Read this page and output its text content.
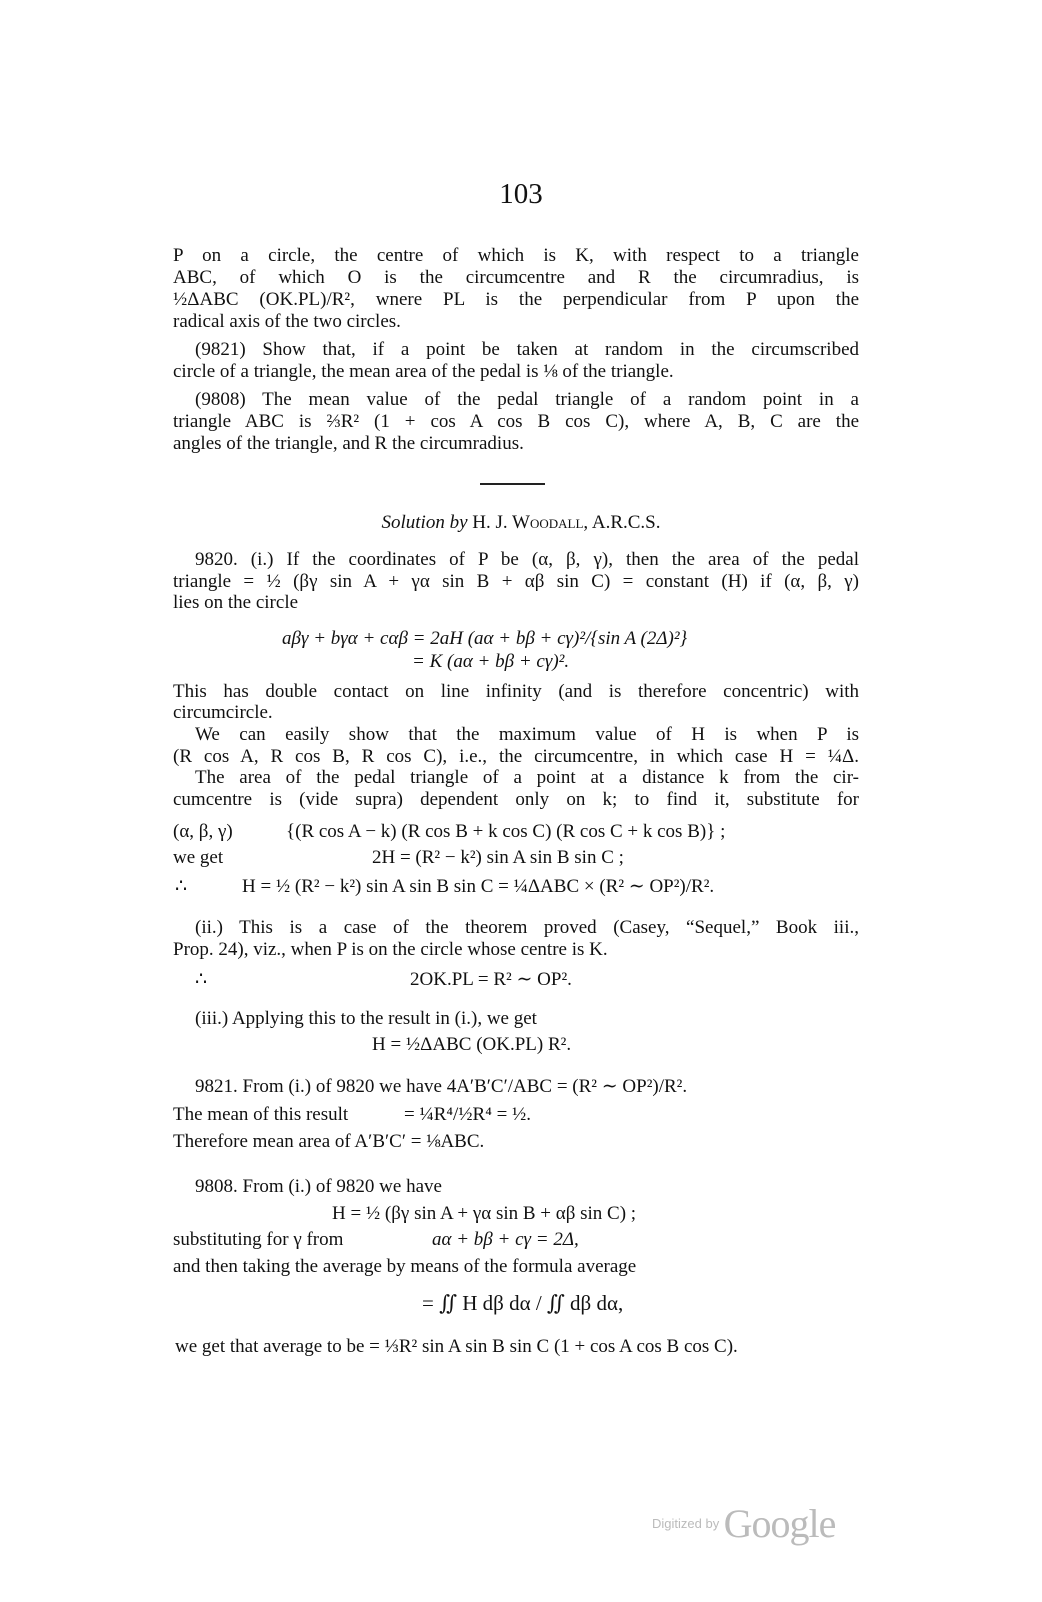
103
P on a circle, the centre of which is K, with respect to a triangle
ABC, of which O is the circumcentre and R the circumradius, is
½ΔABC (OK.PL)/R², wnere PL is the perpendicular from P upon the
radical axis of the two circles.
(9821) Show that, if a point be taken at random in the circumscribed
circle of a triangle, the mean area of the pedal is ⅛ of the triangle.
(9808) The mean value of the pedal triangle of a random point in a
triangle ABC is ⅔R² (1 + cos A cos B cos C), where A, B, C are the
angles of the triangle, and R the circumradius.
Solution by H. J. Woodall, A.R.C.S.
9820. (i.) If the coordinates of P be (α, β, γ), then the area of the pedal
triangle = ½ (βγ sin A + γα sin B + αβ sin C) = constant (H) if (α, β, γ)
lies on the circle
aβγ + bγα + cαβ = 2aH (aα + bβ + cγ)²/{sin A (2Δ)²}
= K (aα + bβ + cγ)².
This has double contact on line infinity (and is therefore concentric) with
circumcircle.
We can easily show that the maximum value of H is when P is
(R cos A, R cos B, R cos C), i.e., the circumcentre, in which case H = ¼Δ.
The area of the pedal triangle of a point at a distance k from the cir-
cumcentre is (vide supra) dependent only on k; to find it, substitute for
(α, β, γ)	{(R cos A − k) (R cos B + k cos C) (R cos C + k cos B)} ;
we get	2H = (R² − k²) sin A sin B sin C ;
∴	H = ½ (R² − k²) sin A sin B sin C = ¼ΔABC × (R² ∼ OP²)/R².
(ii.) This is a case of the theorem proved (Casey, “Sequel,” Book iii.,
Prop. 24), viz., when P is on the circle whose centre is K.
∴	2OK.PL = R² ∼ OP².
(iii.) Applying this to the result in (i.), we get
H = ½ΔABC (OK.PL) R².
9821. From (i.) of 9820 we have 4A′B′C′/ABC = (R² ∼ OP²)/R².
The mean of this result	= ¼R⁴/½R⁴ = ½.
Therefore mean area of A′B′C′ = ⅛ABC.
9808. From (i.) of 9820 we have
H = ½ (βγ sin A + γα sin B + αβ sin C) ;
substituting for γ from	aα + bβ + cγ = 2Δ,
and then taking the average by means of the formula average
= ∬ H dβ dα / ∬ dβ dα,
we get that average to be = ⅓R² sin A sin B sin C (1 + cos A cos B cos C).
Digitized by Google
